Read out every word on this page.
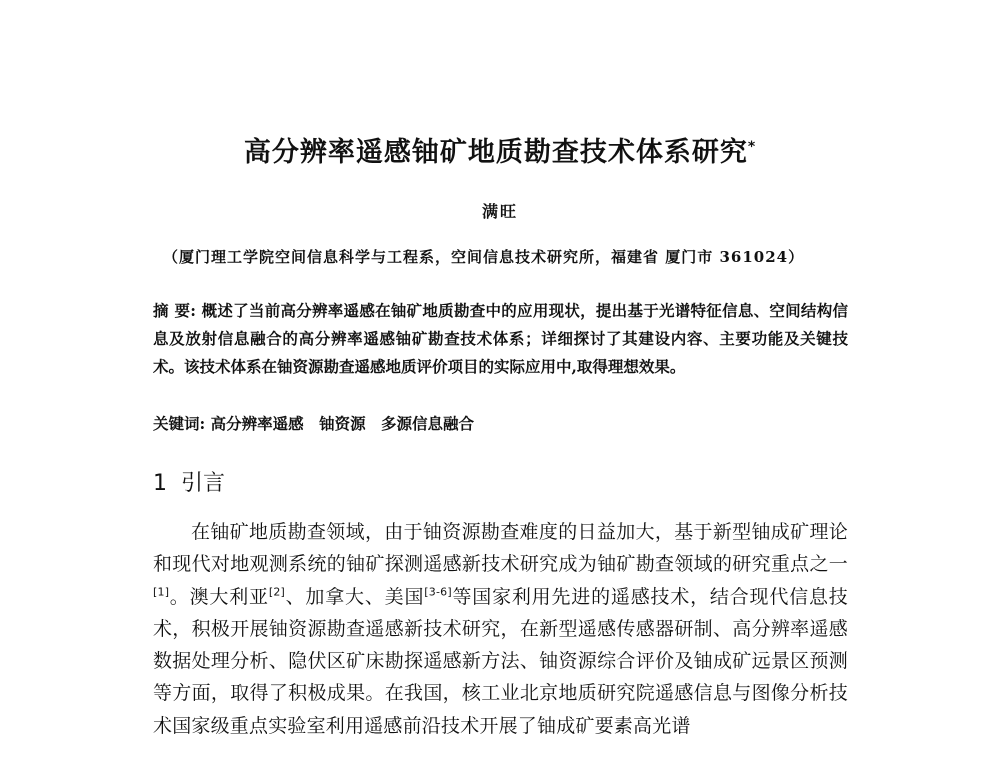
高分辨率遥感铀矿地质勘查技术体系研究*
满旺
（厦门理工学院空间信息科学与工程系，空间信息技术研究所，福建省 厦门市 361024）
摘 要: 概述了当前高分辨率遥感在铀矿地质勘查中的应用现状，提出基于光谱特征信息、空间结构信息及放射信息融合的高分辨率遥感铀矿勘查技术体系；详细探讨了其建设内容、主要功能及关键技术。该技术体系在铀资源勘查遥感地质评价项目的实际应用中,取得理想效果。
关键词: 高分辨率遥感 铀资源 多源信息融合
1 引言
在铀矿地质勘查领域，由于铀资源勘查难度的日益加大，基于新型铀成矿理论和现代对地观测系统的铀矿探测遥感新技术研究成为铀矿勘查领域的研究重点之一[1]。澳大利亚[2]、加拿大、美国[3-6]等国家利用先进的遥感技术，结合现代信息技术，积极开展铀资源勘查遥感新技术研究，在新型遥感传感器研制、高分辨率遥感数据处理分析、隐伏区矿床勘探遥感新方法、铀资源综合评价及铀成矿远景区预测等方面，取得了积极成果。在我国，核工业北京地质研究院遥感信息与图像分析技术国家级重点实验室利用遥感前沿技术开展了铀成矿要素高光谱
